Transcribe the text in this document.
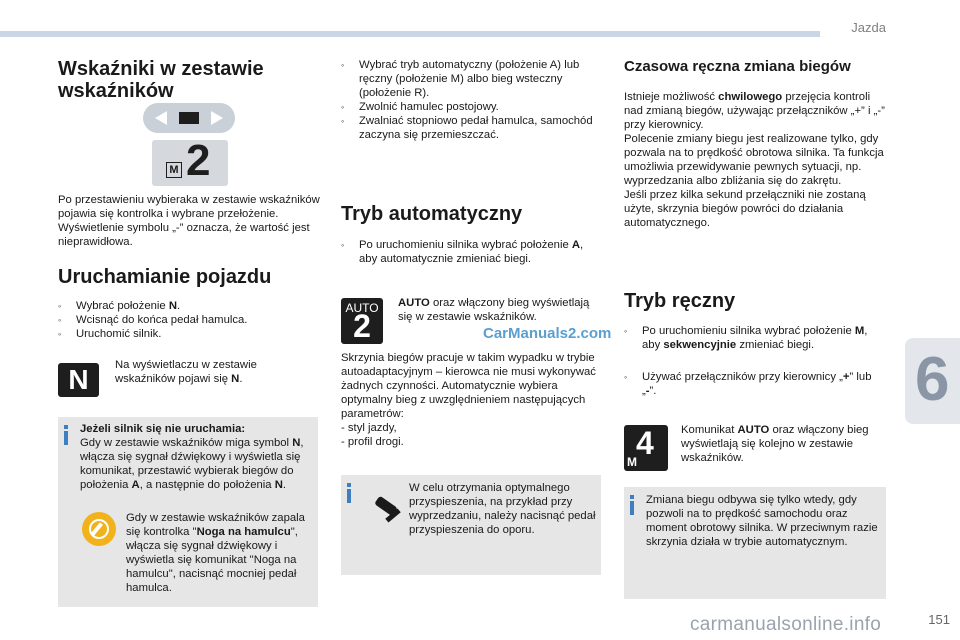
Jazda
6
151
Wskaźniki w zestawie
wskaźników
M 2

Po przestawieniu wybieraka w zestawie wskaźników pojawia się kontrolka i wybrane przełożenie.
Wyświetlenie symbolu „-” oznacza, że wartość jest nieprawidłowa.

Uruchamianie pojazdu
◦ Wybrać położenie N.
◦ Wcisnąć do końca pedał hamulca.
◦ Uruchomić silnik.
N	Na wyświetlaczu w zestawie wskaźników pojawi się N.

Jeżeli silnik się nie uruchamia:
Gdy w zestawie wskaźników miga symbol N, włącza się sygnał dźwiękowy i wyświetla się komunikat, przestawić wybierak biegów do położenia A, a następnie do położenia N.

Gdy w zestawie wskaźników zapala się kontrolka "Noga na hamulcu", włącza się sygnał dźwiękowy i wyświetla się komunikat "Noga na hamulcu", nacisnąć mocniej pedał hamulca.

◦ Wybrać tryb automatyczny (położenie A) lub ręczny (położenie M) albo bieg wsteczny (położenie R).
◦ Zwolnić hamulec postojowy.
◦ Zwalniać stopniowo pedał hamulca, samochód zaczyna się przemieszczać.
Tryb automatyczny
◦ Po uruchomieniu silnika wybrać położenie A, aby automatycznie zmieniać biegi.
AUTO
2

AUTO oraz włączony bieg wyświetlają się w zestawie wskaźników.

CarManuals2.com

Skrzynia biegów pracuje w takim wypadku w trybie autoadaptacyjnym – kierowca nie musi wykonywać żadnych czynności. Automatycznie wybiera optymalny bieg z uwzględnieniem następujących parametrów:
- styl jazdy,
- profil drogi.

W celu otrzymania optymalnego przyspieszenia, na przykład przy wyprzedzaniu, należy nacisnąć pedał przyspieszenia do oporu.

Czasowa ręczna zmiana biegów

Istnieje możliwość chwilowego przejęcia kontroli nad zmianą biegów, używając przełączników „+” i „-” przy kierownicy.
Polecenie zmiany biegu jest realizowane tylko, gdy pozwala na to prędkość obrotowa silnika. Ta funkcja umożliwia przewidywanie pewnych sytuacji, np. wyprzedzania albo zbliżania się do zakrętu.
Jeśli przez kilka sekund przełączniki nie zostaną użyte, skrzynia biegów powróci do działania automatycznego.

Tryb ręczny
◦ Po uruchomieniu silnika wybrać położenie M, aby sekwencyjnie zmieniać biegi.
◦ Używać przełączników przy kierownicy „+” lub „-”.
4
M

Komunikat AUTO oraz włączony bieg wyświetlają się kolejno w zestawie wskaźników.

Zmiana biegu odbywa się tylko wtedy, gdy pozwoli na to prędkość samochodu oraz moment obrotowy silnika. W przeciwnym razie skrzynia działa w trybie automatycznym.

carmanualsonline.info
